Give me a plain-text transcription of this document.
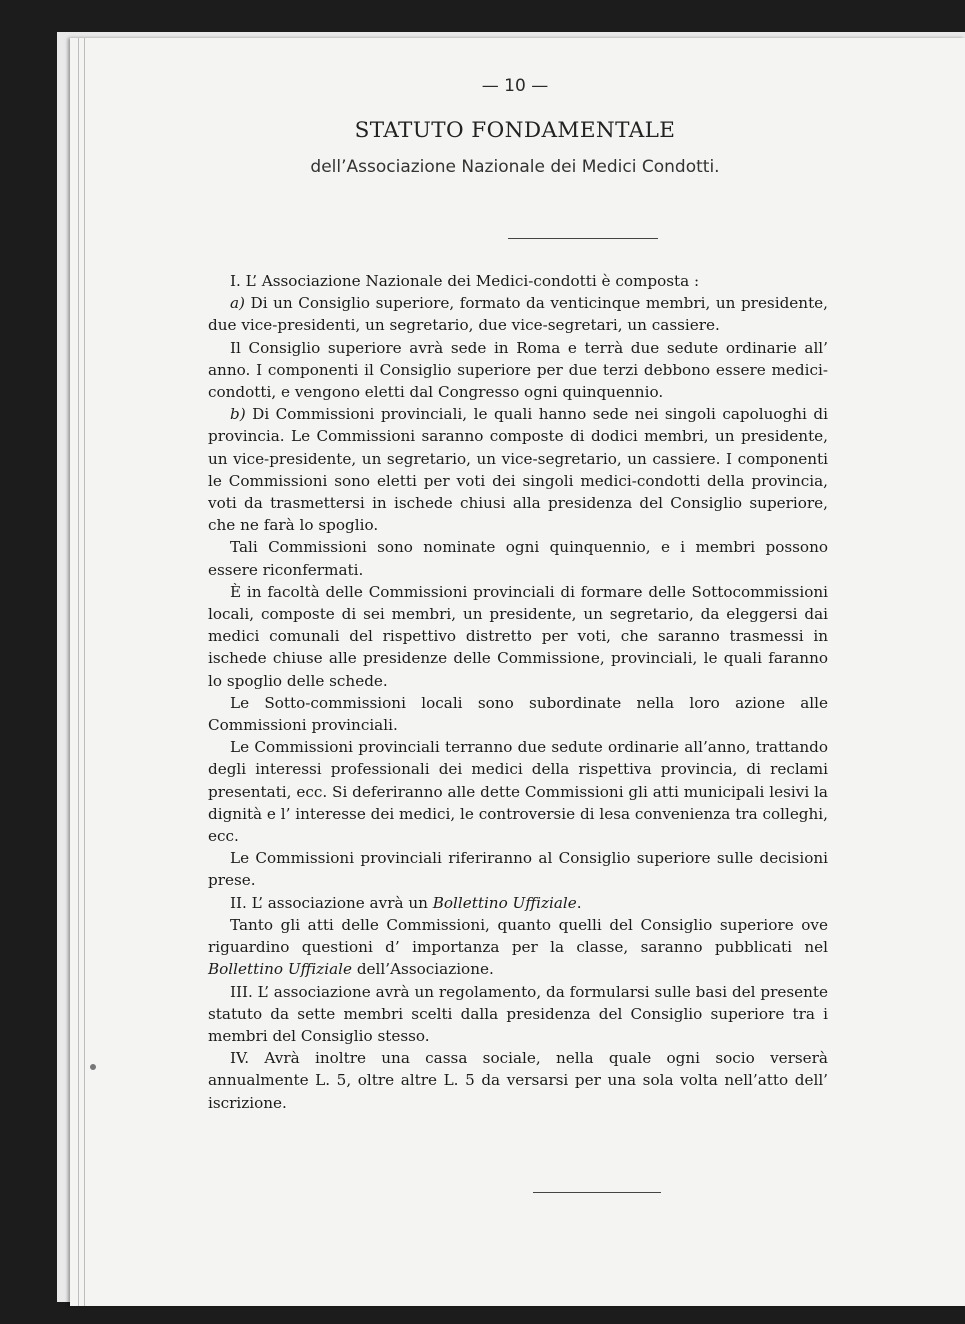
— 10 —
STATUTO FONDAMENTALE
dell’Associazione Nazionale dei Medici Condotti.

I. L’ Associazione Nazionale dei Medici-condotti è composta :

a) Di un Consiglio superiore, formato da venticinque membri, un presidente, due vice-presidenti, un segretario, due vice-segretari, un cassiere.

Il Consiglio superiore avrà sede in Roma e terrà due sedute ordinarie all’ anno. I componenti il Consiglio superiore per due terzi debbono essere medici-condotti, e vengono eletti dal Congresso ogni quinquennio.

b) Di Commissioni provinciali, le quali hanno sede nei singoli capoluoghi di provincia. Le Commissioni saranno composte di dodici membri, un presidente, un vice-presidente, un segretario, un vice-segretario, un cassiere. I componenti le Commissioni sono eletti per voti dei singoli medici-condotti della provincia, voti da trasmettersi in ischede chiusi alla presidenza del Consiglio superiore, che ne farà lo spoglio.

Tali Commissioni sono nominate ogni quinquennio, e i membri possono essere riconfermati.

È in facoltà delle Commissioni provinciali di formare delle Sottocommissioni locali, composte di sei membri, un presidente, un segretario, da eleggersi dai medici comunali del rispettivo distretto per voti, che saranno trasmessi in ischede chiuse alle presidenze delle Commissione, provinciali, le quali faranno lo spoglio delle schede.

Le Sotto-commissioni locali sono subordinate nella loro azione alle Commissioni provinciali.

Le Commissioni provinciali terranno due sedute ordinarie all’anno, trattando degli interessi professionali dei medici della rispettiva provincia, di reclami presentati, ecc. Si deferiranno alle dette Commissioni gli atti municipali lesivi la dignità e l’ interesse dei medici, le controversie di lesa convenienza tra colleghi, ecc.

Le Commissioni provinciali riferiranno al Consiglio superiore sulle decisioni prese.

II. L’ associazione avrà un Bollettino Uffiziale.

Tanto gli atti delle Commissioni, quanto quelli del Consiglio superiore ove riguardino questioni d’ importanza per la classe, saranno pubblicati nel Bollettino Uffiziale dell’Associazione.

III. L’ associazione avrà un regolamento, da formularsi sulle basi del presente statuto da sette membri scelti dalla presidenza del Consiglio superiore tra i membri del Consiglio stesso.

IV. Avrà inoltre una cassa sociale, nella quale ogni socio verserà annualmente L. 5, oltre altre L. 5 da versarsi per una sola volta nell’atto dell’ iscrizione.
